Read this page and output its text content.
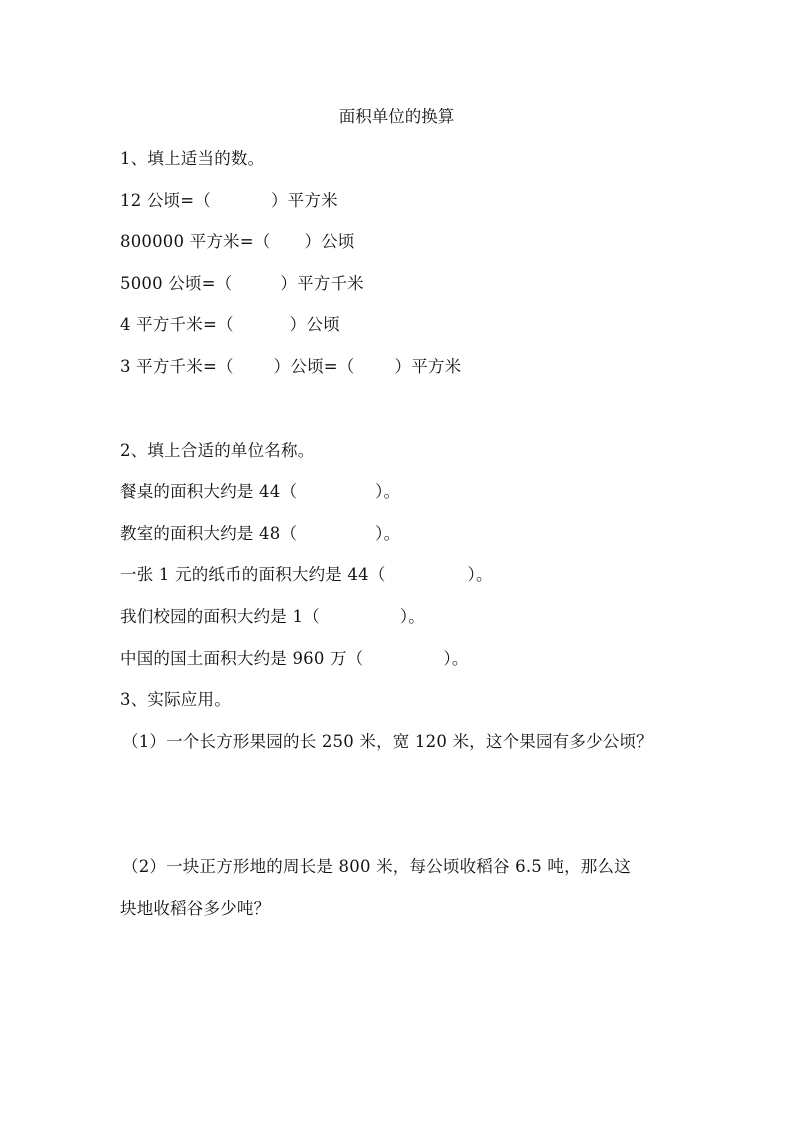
面积单位的换算
1、填上适当的数。
12 公顷=（	）平方米
800000 平方米=（ ）公顷
5000 公顷=（	）平方千米
4 平方千米=（	）公顷
3 平方千米=（ ）公顷=（ ）平方米
2、填上合适的单位名称。
餐桌的面积大约是 44（	）。
教室的面积大约是 48（	）。
一张 1 元的纸币的面积大约是 44（	）。
我们校园的面积大约是 1（	）。
中国的国土面积大约是 960 万（	）。
3、实际应用。
（1）一个长方形果园的长 250 米，宽 120 米，这个果园有多少公顷？
（2）一块正方形地的周长是 800 米，每公顷收稻谷 6.5 吨，那么这
块地收稻谷多少吨？
